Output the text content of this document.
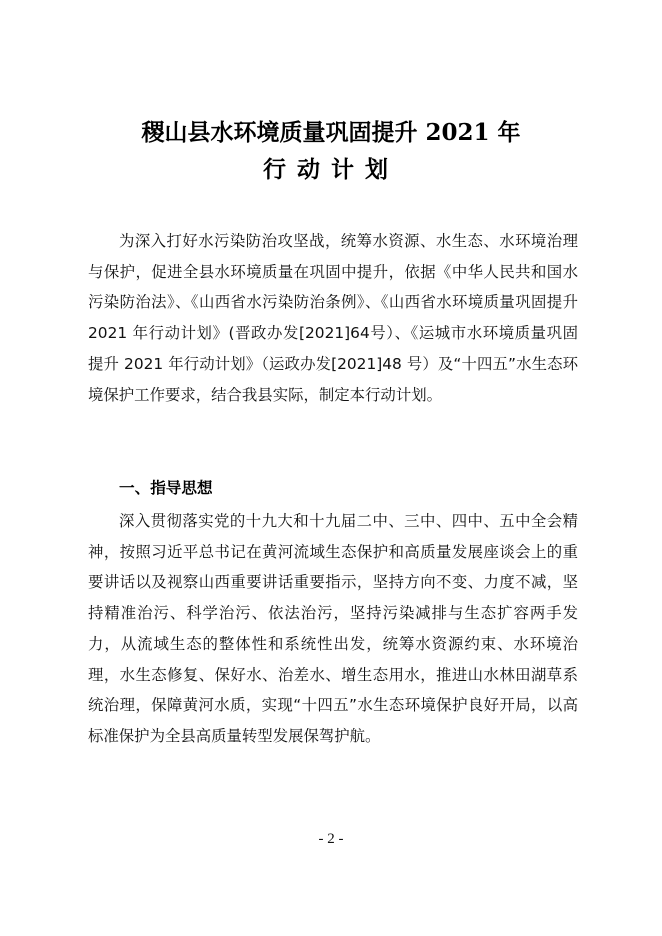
稷山县水环境质量巩固提升 2021 年
行动计划

为深入打好水污染防治攻坚战，统筹水资源、水生态、水环境治理与保护，促进全县水环境质量在巩固中提升，依据《中华人民共和国水污染防治法》、《山西省水污染防治条例》、《山西省水环境质量巩固提升 2021 年行动计划》(晋政办发[2021]64号）、《运城市水环境质量巩固提升 2021 年行动计划》（运政办发[2021]48 号）及“十四五”水生态环境保护工作要求，结合我县实际，制定本行动计划。

一、指导思想

深入贯彻落实党的十九大和十九届二中、三中、四中、五中全会精神，按照习近平总书记在黄河流域生态保护和高质量发展座谈会上的重要讲话以及视察山西重要讲话重要指示，坚持方向不变、力度不减，坚持精准治污、科学治污、依法治污，坚持污染减排与生态扩容两手发力，从流域生态的整体性和系统性出发，统筹水资源约束、水环境治理，水生态修复、保好水、治差水、增生态用水，推进山水林田湖草系统治理，保障黄河水质，实现“十四五”水生态环境保护良好开局，以高标准保护为全县高质量转型发展保驾护航。

- 2 -
